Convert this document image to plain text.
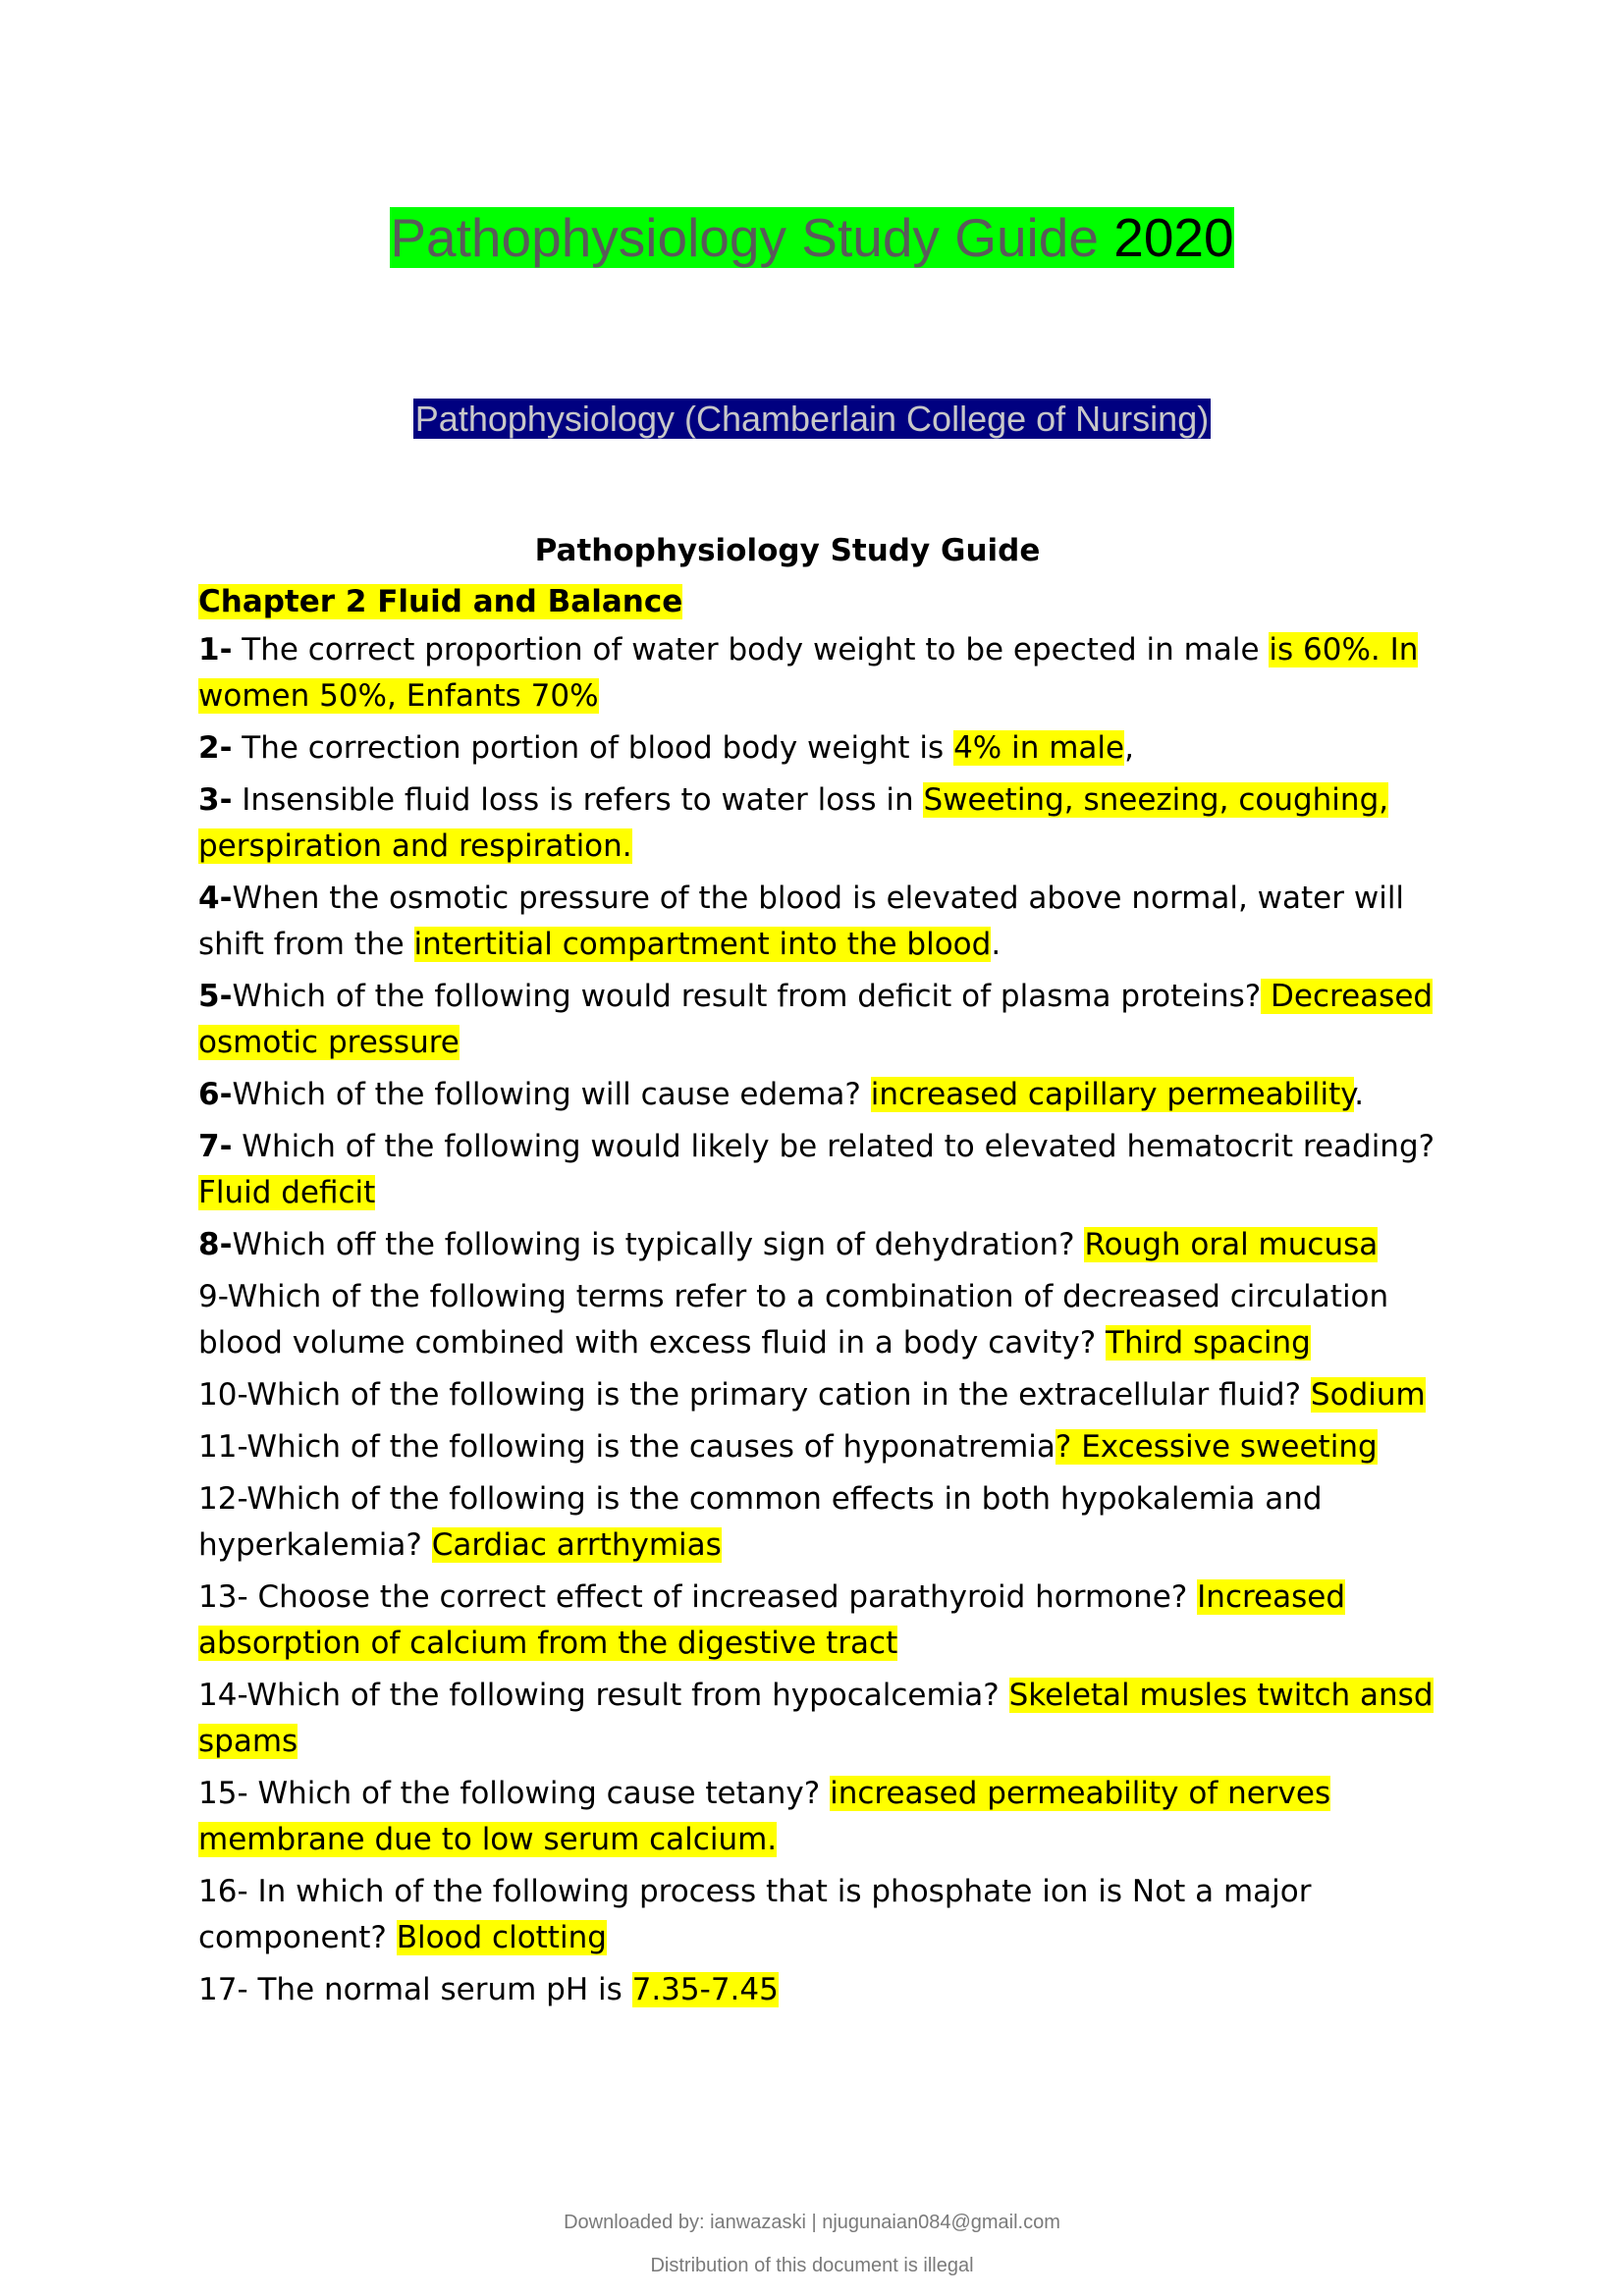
Pathophysiology Study Guide 2020
Pathophysiology (Chamberlain College of Nursing)
Pathophysiology Study Guide
Chapter 2 Fluid and Balance
1- The correct proportion of water body weight to be epected in male is 60%. In women 50%, Enfants 70%
2- The correction portion of blood body weight is 4% in male,
3- Insensible fluid loss is refers to water loss in Sweeting, sneezing, coughing, perspiration and respiration.
4-When the osmotic pressure of the blood is elevated above normal, water will shift from the intertitial compartment into the blood.
5-Which of the following would result from deficit of plasma proteins? Decreased osmotic pressure
6-Which of the following will cause edema? increased capillary permeability.
7- Which of the following would likely be related to elevated hematocrit reading? Fluid deficit
8-Which off the following is typically sign of dehydration? Rough oral mucusa
9-Which of the following terms refer to a combination of decreased circulation blood volume combined with excess fluid in a body cavity? Third spacing
10-Which of the following is the primary cation in the extracellular fluid? Sodium
11-Which of the following is the causes of hyponatremia? Excessive sweeting
12-Which of the following is the common effects in both hypokalemia and hyperkalemia? Cardiac arrthymias
13- Choose the correct effect of increased parathyroid hormone? Increased absorption of calcium from the digestive tract
14-Which of the following result from hypocalcemia? Skeletal musles twitch ansd spams
15- Which of the following cause tetany? increased permeability of nerves membrane due to low serum calcium.
16- In which of the following process that is phosphate ion is Not a major component? Blood clotting
17- The normal serum pH is 7.35-7.45
Downloaded by: ianwazaski | njugunaian084@gmail.com
Distribution of this document is illegal
